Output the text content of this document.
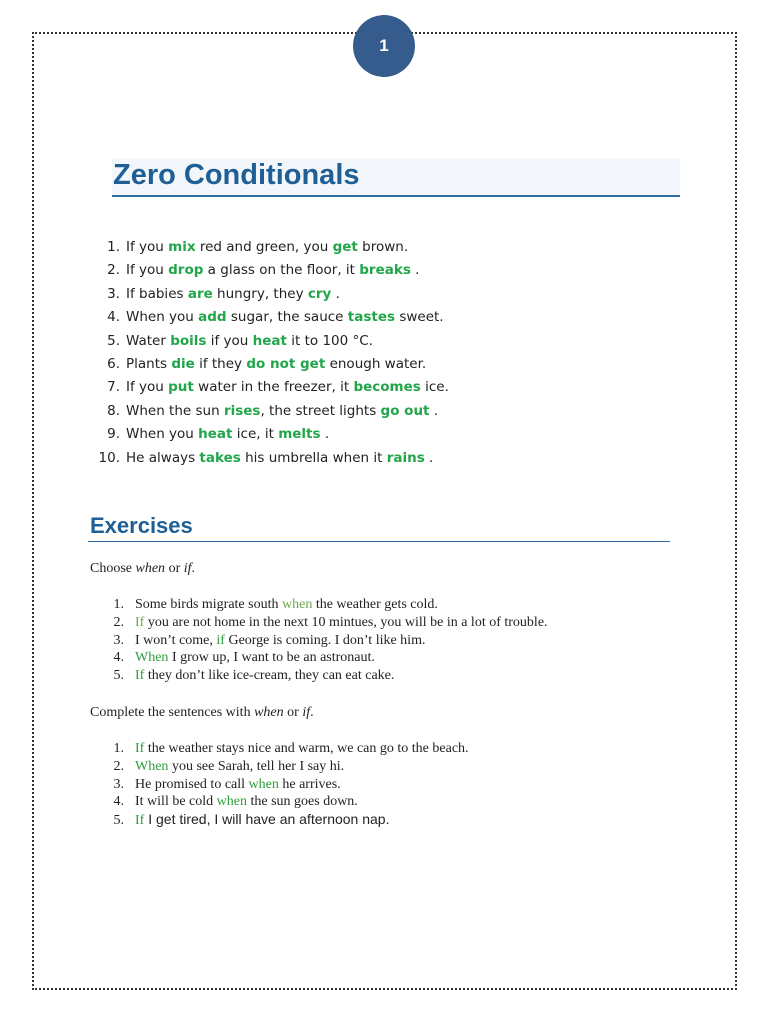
1
Zero Conditionals
1. If you mix red and green, you get brown.
2. If you drop a glass on the floor, it breaks .
3. If babies are hungry, they cry .
4. When you add sugar, the sauce tastes sweet.
5. Water boils if you heat it to 100 °C.
6. Plants die if they do not get enough water.
7. If you put water in the freezer, it becomes ice.
8. When the sun rises, the street lights go out .
9. When you heat ice, it melts .
10. He always takes his umbrella when it rains .
Exercises

Choose when or if.

1. Some birds migrate south when the weather gets cold.
2. If you are not home in the next 10 mintues, you will be in a lot of trouble.
3. I won’t come, if George is coming. I don’t like him.
4. When I grow up, I want to be an astronaut.
5. If they don’t like ice-cream, they can eat cake.

Complete the sentences with when or if.

1. If the weather stays nice and warm, we can go to the beach.
2. When you see Sarah, tell her I say hi.
3. He promised to call when he arrives.
4. It will be cold when the sun goes down.
5. If I get tired, I will have an afternoon nap.
